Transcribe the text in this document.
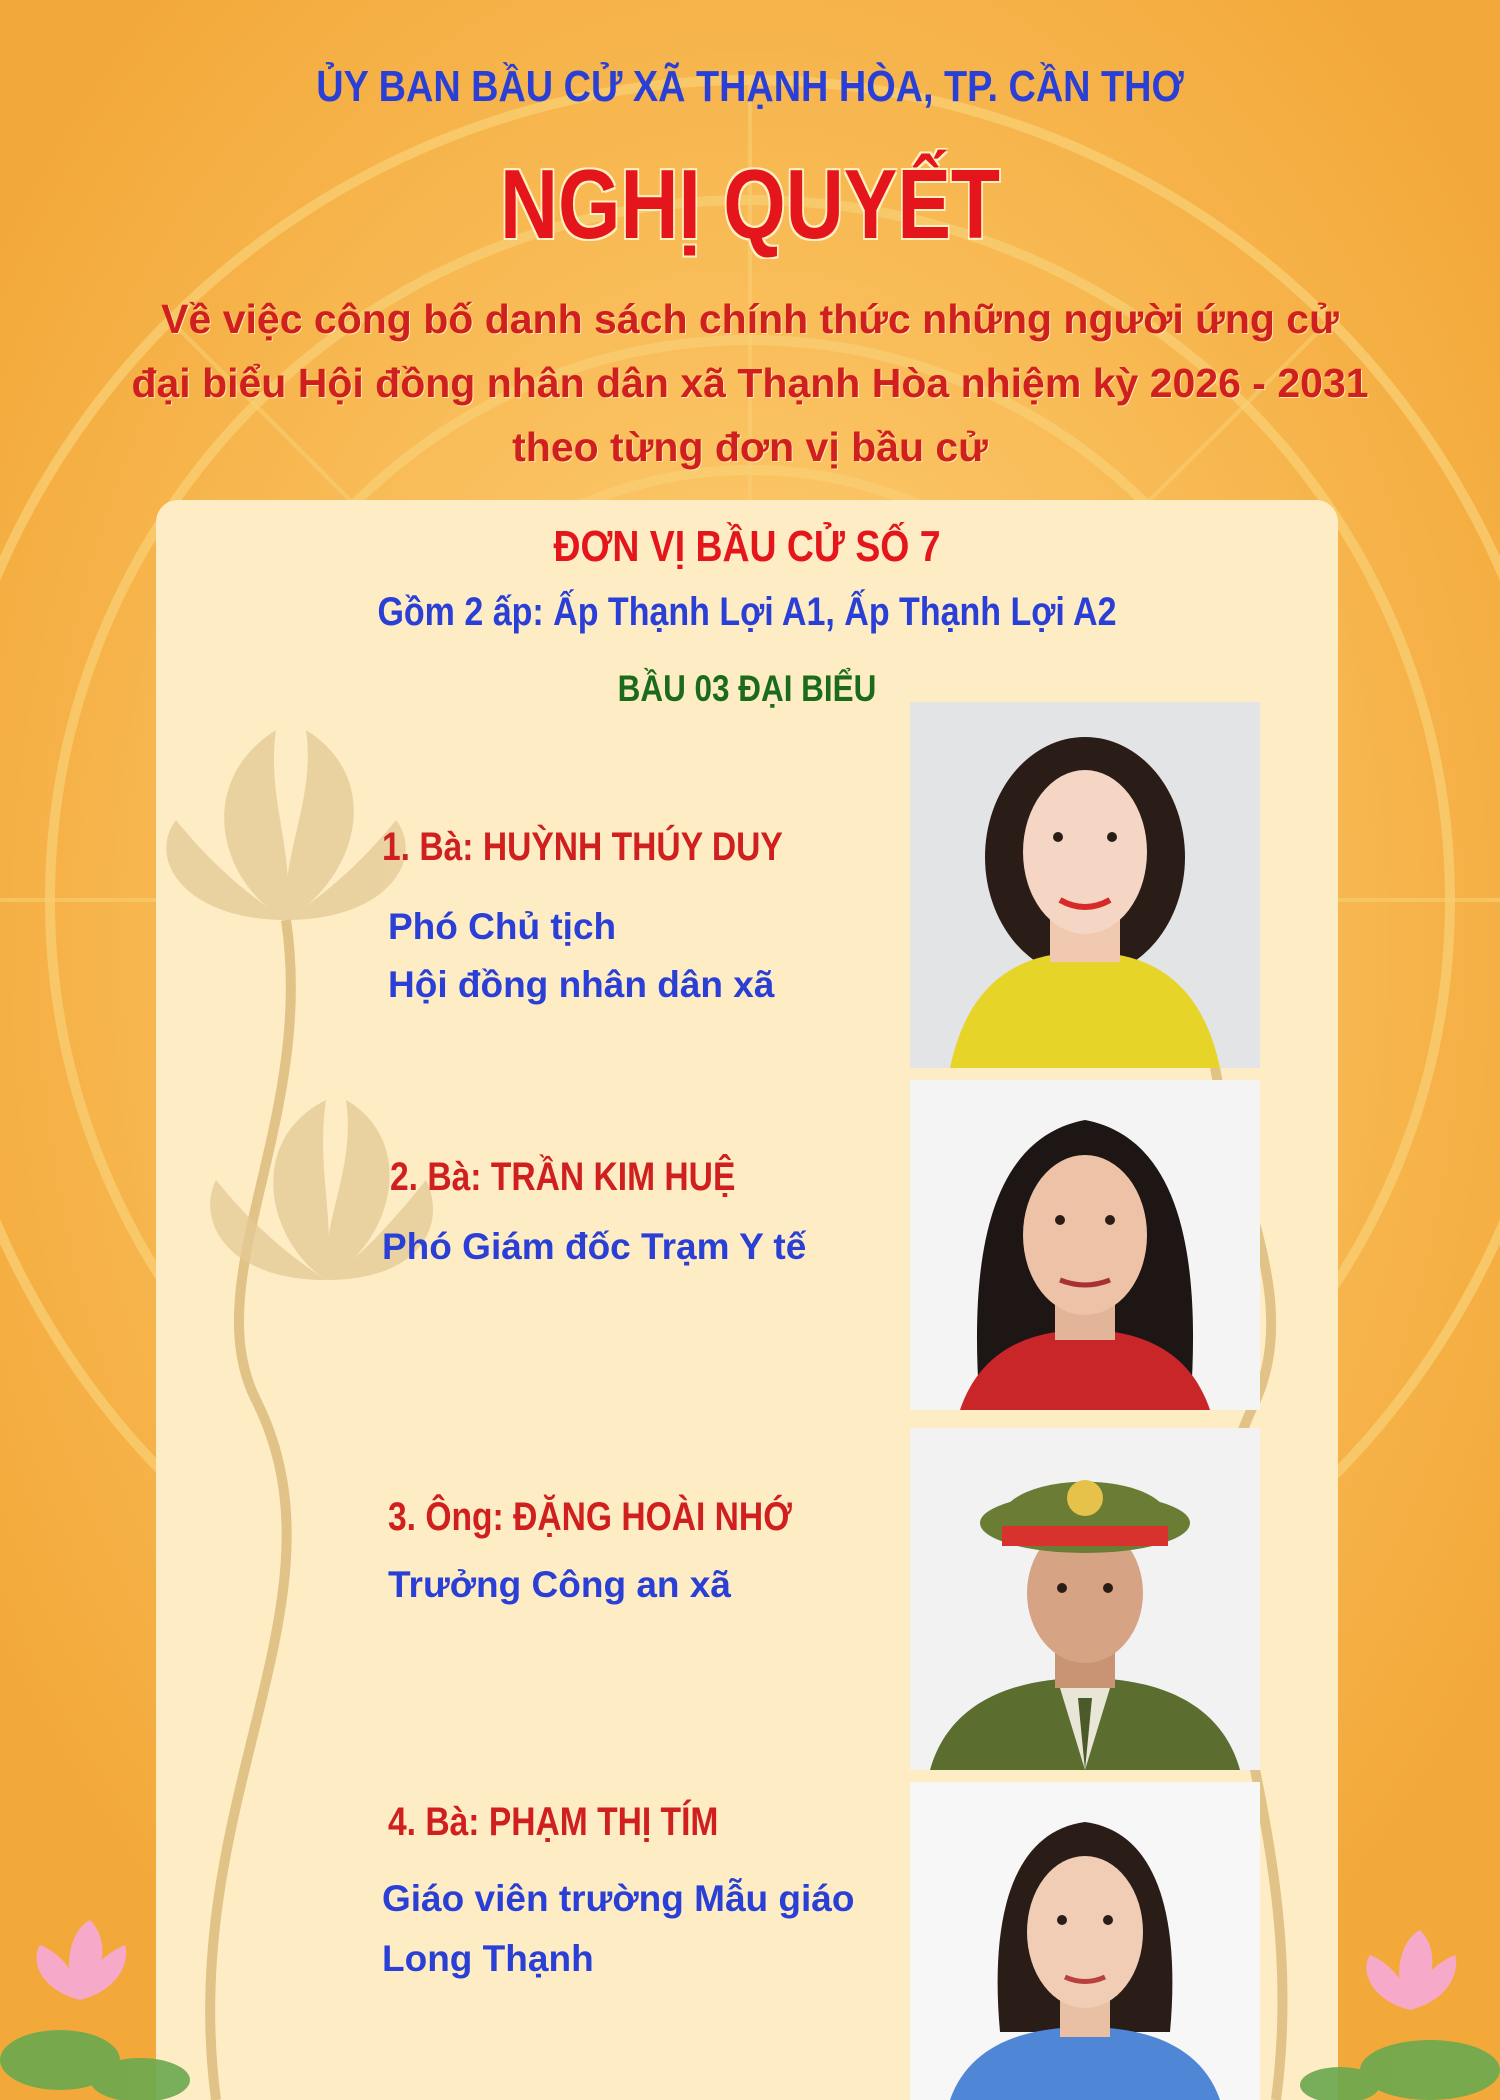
ỦY BAN BẦU CỬ XÃ THẠNH HÒA, TP. CẦN THƠ
NGHỊ QUYẾT
Về việc công bố danh sách chính thức những người ứng cử
đại biểu Hội đồng nhân dân xã Thạnh Hòa nhiệm kỳ 2026 - 2031
theo từng đơn vị bầu cử
ĐƠN VỊ BẦU CỬ SỐ 7
Gồm 2 ấp: Ấp Thạnh Lợi A1, Ấp Thạnh Lợi A2
BẦU 03 ĐẠI BIỂU
1. Bà: HUỲNH THÚY DUY
Phó Chủ tịch
Hội đồng nhân dân xã
2. Bà: TRẦN KIM HUỆ
Phó Giám đốc Trạm Y tế
3. Ông: ĐẶNG HOÀI NHỚ
Trưởng Công an xã
4. Bà: PHẠM THỊ TÍM
Giáo viên trường Mẫu giáo
Long Thạnh
